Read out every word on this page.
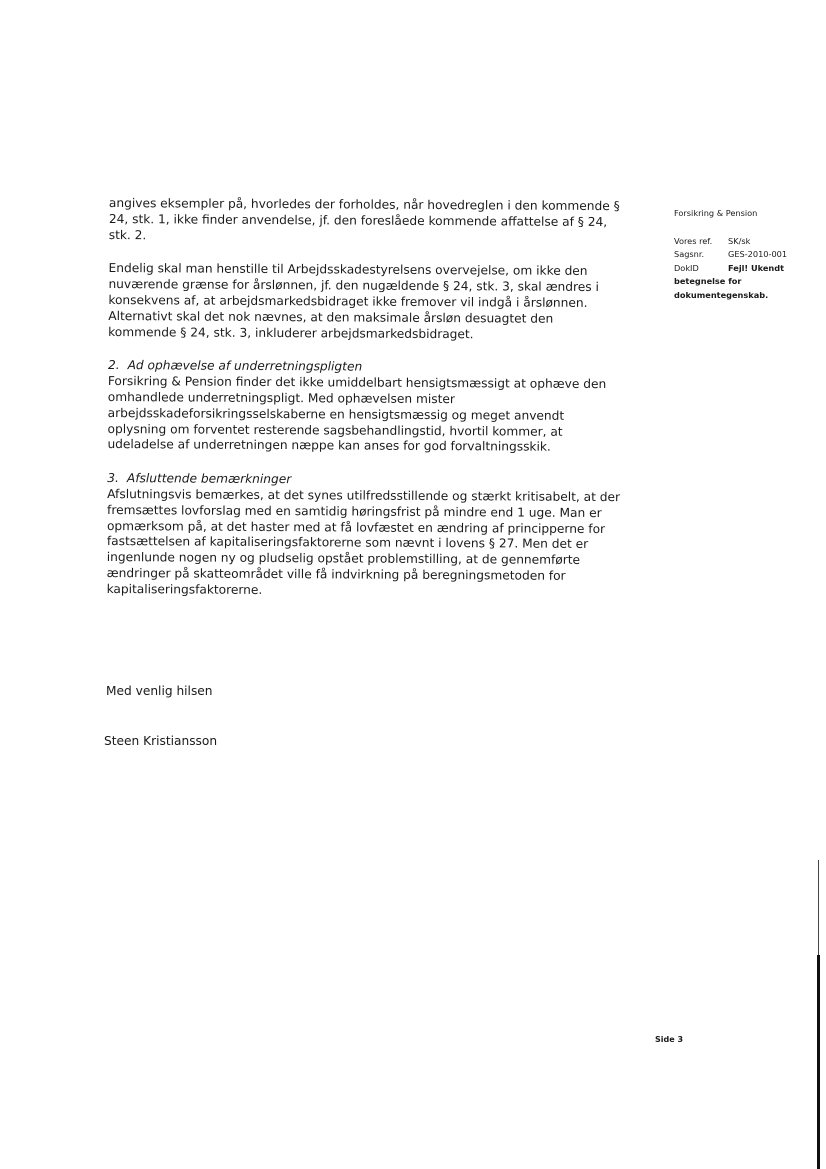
angives eksempler på, hvorledes der forholdes, når hovedreglen i den kommende § 24, stk. 1, ikke finder anvendelse, jf. den foreslåede kommende affattelse af § 24, stk. 2.

Endelig skal man henstille til Arbejdsskadestyrelsens overvejelse, om ikke den nuværende grænse for årslønnen, jf. den nugældende § 24, stk. 3, skal ændres i konsekvens af, at arbejdsmarkedsbidraget ikke fremover vil indgå i årslønnen. Alternativt skal det nok nævnes, at den maksimale årsløn desuagtet den kommende § 24, stk. 3, inkluderer arbejdsmarkedsbidraget.

2. Ad ophævelse af underretningspligten

Forsikring & Pension finder det ikke umiddelbart hensigtsmæssigt at ophæve den omhandlede underretningspligt. Med ophævelsen mister arbejdsskadeforsikringsselskaberne en hensigtsmæssig og meget anvendt oplysning om forventet resterende sagsbehandlingstid, hvortil kommer, at udeladelse af underretningen næppe kan anses for god forvaltningsskik.

3. Afsluttende bemærkninger

Afslutningsvis bemærkes, at det synes utilfredsstillende og stærkt kritisabelt, at der fremsættes lovforslag med en samtidig høringsfrist på mindre end 1 uge. Man er opmærksom på, at det haster med at få lovfæstet en ændring af principperne for fastsættelsen af kapitaliseringsfaktorerne som nævnt i lovens § 27. Men det er ingenlunde nogen ny og pludselig opstået problemstilling, at de gennemførte ændringer på skatteområdet ville få indvirkning på beregningsmetoden for kapitaliseringsfaktorerne.

Med venlig hilsen
Steen Kristiansson
Forsikring & Pension
Vores ref.	SK/sk
Sagsnr.	GES-2010-001
DokID	Fejl! Ukendt
betegnelse for
dokumentegenskab.
Side 3
